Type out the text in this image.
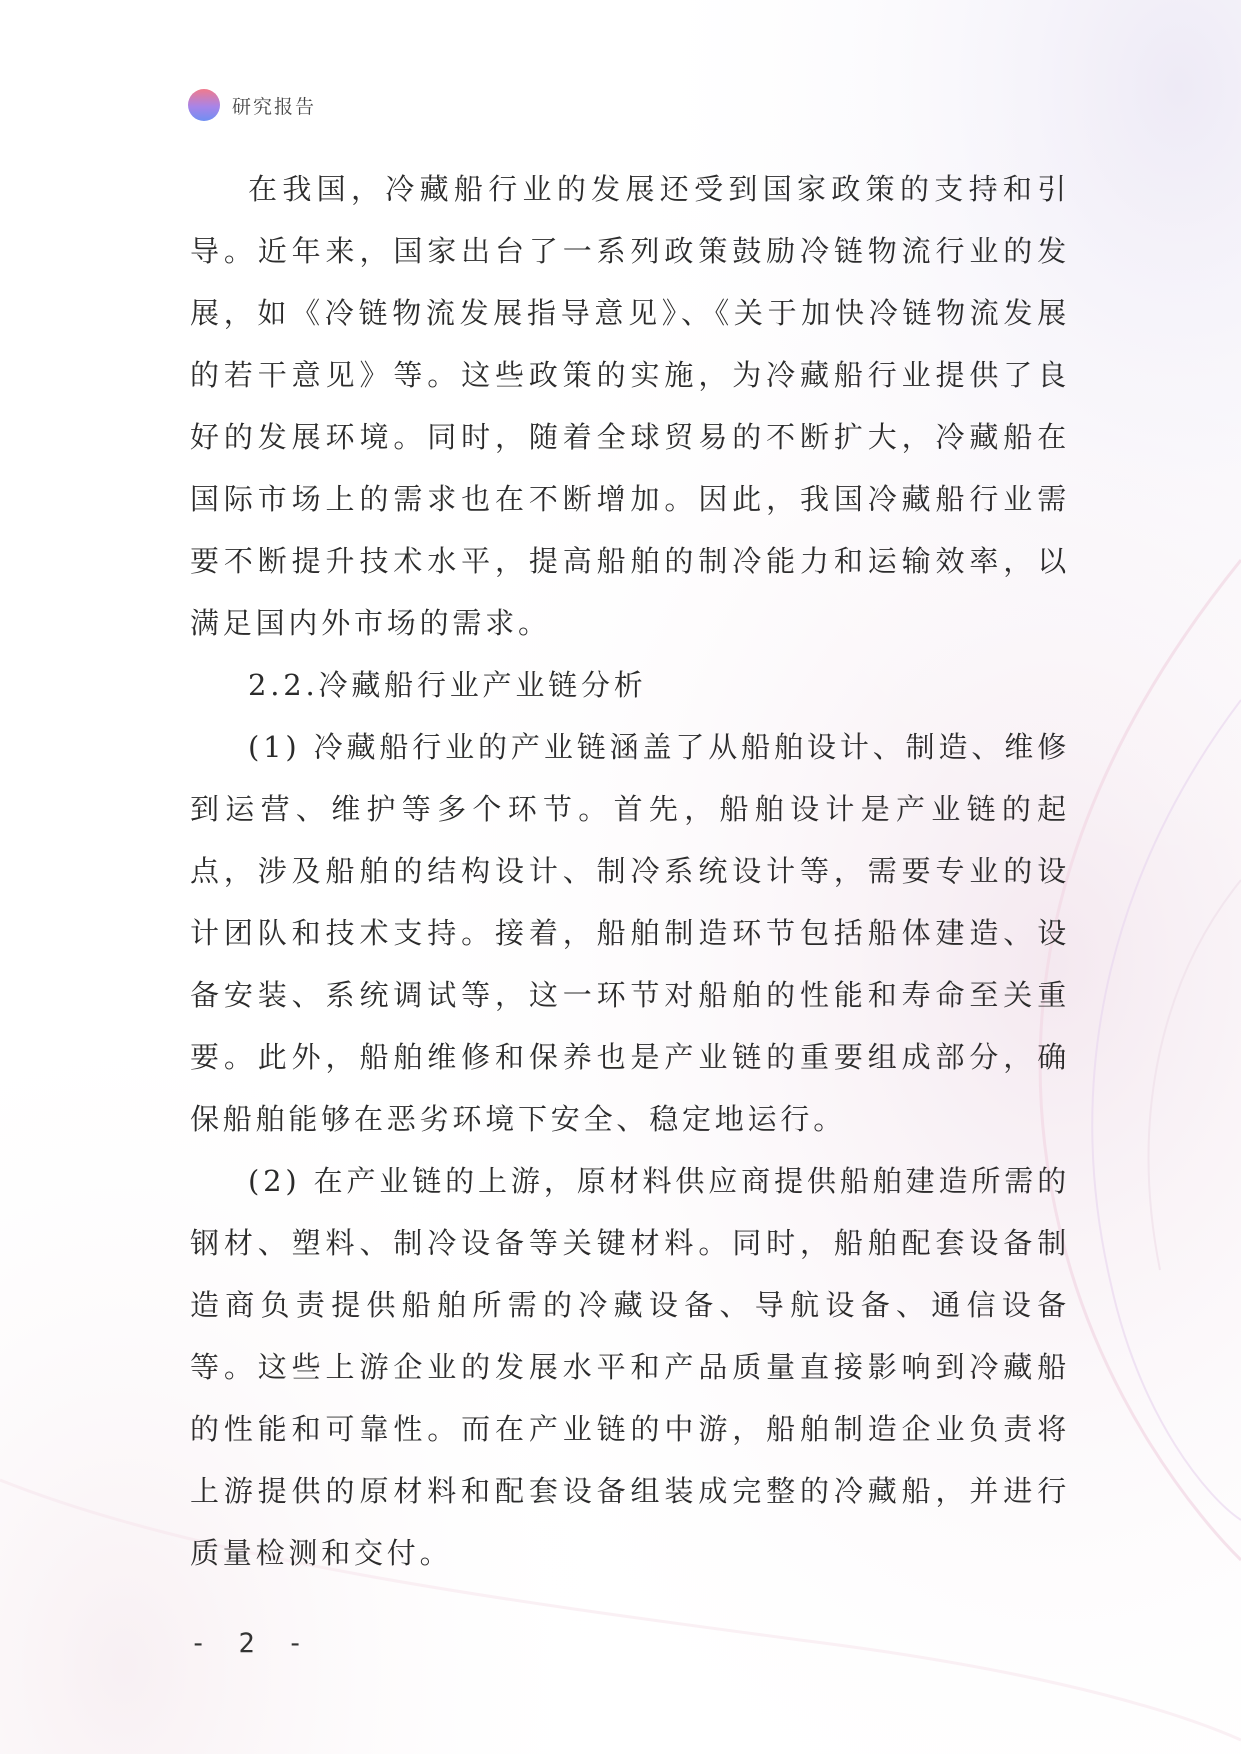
研究报告

在我国，冷藏船行业的发展还受到国家政策的支持和引导。近年来，国家出台了一系列政策鼓励冷链物流行业的发展，如《冷链物流发展指导意见》、《关于加快冷链物流发展的若干意见》等。这些政策的实施，为冷藏船行业提供了良好的发展环境。同时，随着全球贸易的不断扩大，冷藏船在国际市场上的需求也在不断增加。因此，我国冷藏船行业需要不断提升技术水平，提高船舶的制冷能力和运输效率，以满足国内外市场的需求。

2.2.冷藏船行业产业链分析

(1) 冷藏船行业的产业链涵盖了从船舶设计、制造、维修到运营、维护等多个环节。首先，船舶设计是产业链的起点，涉及船舶的结构设计、制冷系统设计等，需要专业的设计团队和技术支持。接着，船舶制造环节包括船体建造、设备安装、系统调试等，这一环节对船舶的性能和寿命至关重要。此外，船舶维修和保养也是产业链的重要组成部分，确保船舶能够在恶劣环境下安全、稳定地运行。

(2) 在产业链的上游，原材料供应商提供船舶建造所需的钢材、塑料、制冷设备等关键材料。同时，船舶配套设备制造商负责提供船舶所需的冷藏设备、导航设备、通信设备等。这些上游企业的发展水平和产品质量直接影响到冷藏船的性能和可靠性。而在产业链的中游，船舶制造企业负责将上游提供的原材料和配套设备组装成完整的冷藏船，并进行质量检测和交付。

- 2 -
